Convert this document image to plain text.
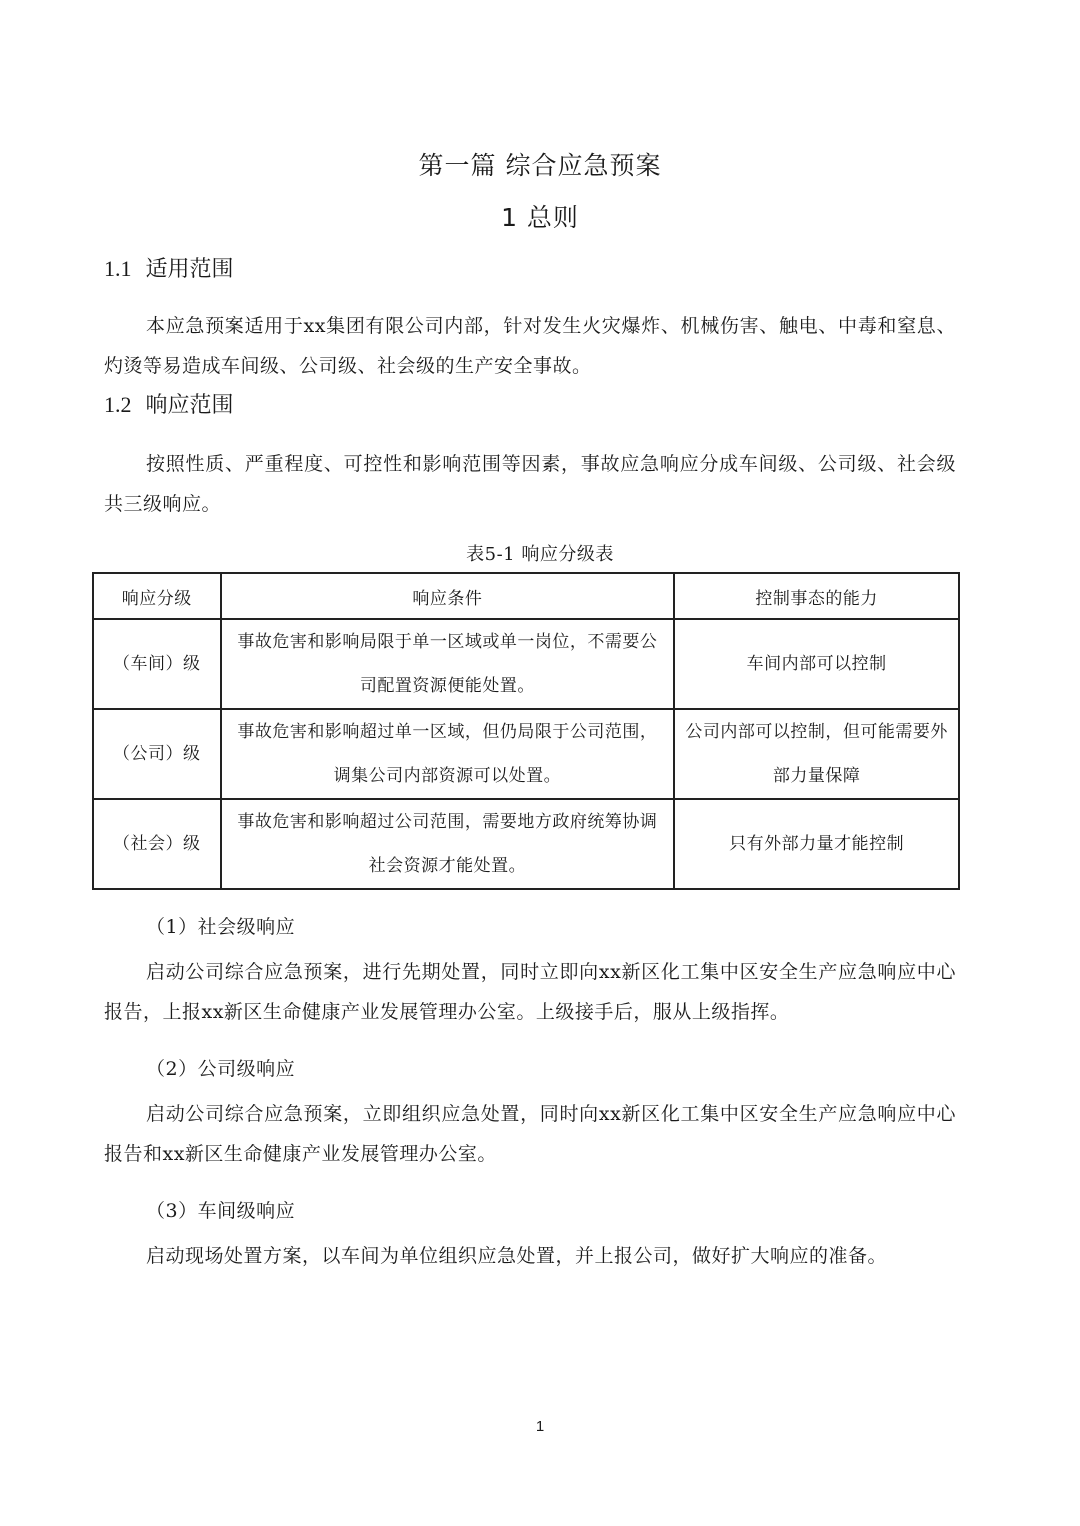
第一篇 综合应急预案
1 总则
1.1 适用范围
本应急预案适用于xx集团有限公司内部，针对发生火灾爆炸、机械伤害、触电、中毒和窒息、灼烫等易造成车间级、公司级、社会级的生产安全事故。
1.2 响应范围
按照性质、严重程度、可控性和影响范围等因素，事故应急响应分成车间级、公司级、社会级共三级响应。
表5-1 响应分级表
响应分级	响应条件	控制事态的能力
（车间）级	事故危害和影响局限于单一区域或单一岗位，不需要公司配置资源便能处置。	车间内部可以控制
（公司）级	事故危害和影响超过单一区域，但仍局限于公司范围，调集公司内部资源可以处置。	公司内部可以控制，但可能需要外部力量保障
（社会）级	事故危害和影响超过公司范围，需要地方政府统筹协调社会资源才能处置。	只有外部力量才能控制
（1）社会级响应
启动公司综合应急预案，进行先期处置，同时立即向xx新区化工集中区安全生产应急响应中心报告，上报xx新区生命健康产业发展管理办公室。上级接手后，服从上级指挥。
（2）公司级响应
启动公司综合应急预案，立即组织应急处置，同时向xx新区化工集中区安全生产应急响应中心报告和xx新区生命健康产业发展管理办公室。
（3）车间级响应
启动现场处置方案，以车间为单位组织应急处置，并上报公司，做好扩大响应的准备。
1
